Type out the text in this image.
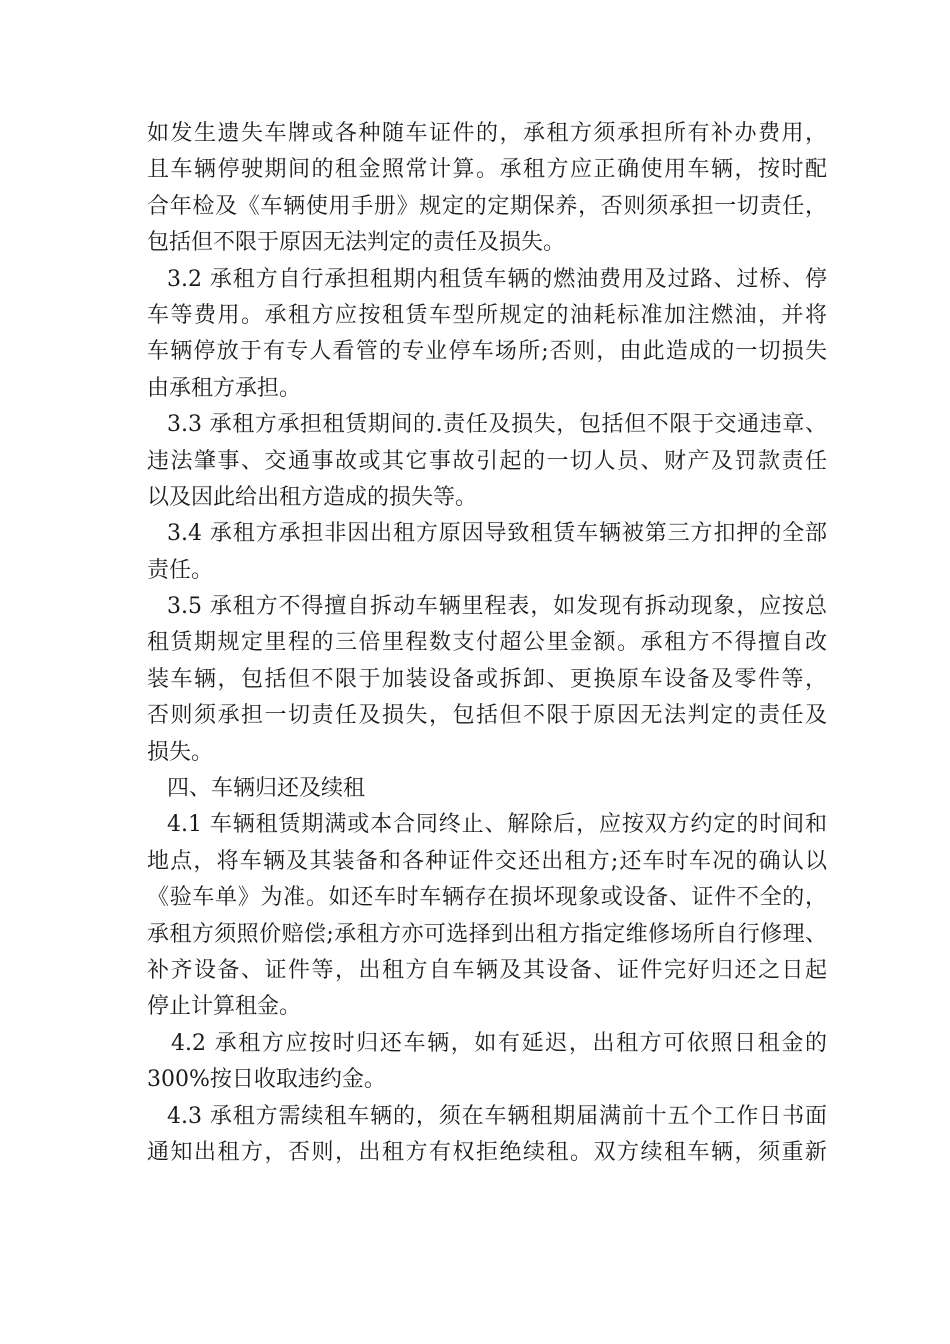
如发生遗失车牌或各种随车证件的，承租方须承担所有补办费用，
且车辆停驶期间的租金照常计算。承租方应正确使用车辆，按时配
合年检及《车辆使用手册》规定的定期保养，否则须承担一切责任，
包括但不限于原因无法判定的责任及损失。
3.2 承租方自行承担租期内租赁车辆的燃油费用及过路、过桥、停
车等费用。承租方应按租赁车型所规定的油耗标准加注燃油，并将
车辆停放于有专人看管的专业停车场所;否则，由此造成的一切损失
由承租方承担。
3.3 承租方承担租赁期间的.责任及损失，包括但不限于交通违章、
违法肇事、交通事故或其它事故引起的一切人员、财产及罚款责任
以及因此给出租方造成的损失等。
3.4 承租方承担非因出租方原因导致租赁车辆被第三方扣押的全部
责任。
3.5 承租方不得擅自拆动车辆里程表，如发现有拆动现象，应按总
租赁期规定里程的三倍里程数支付超公里金额。承租方不得擅自改
装车辆，包括但不限于加装设备或拆卸、更换原车设备及零件等，
否则须承担一切责任及损失，包括但不限于原因无法判定的责任及
损失。
四、车辆归还及续租
4.1 车辆租赁期满或本合同终止、解除后，应按双方约定的时间和
地点，将车辆及其装备和各种证件交还出租方;还车时车况的确认以
《验车单》为准。如还车时车辆存在损坏现象或设备、证件不全的，
承租方须照价赔偿;承租方亦可选择到出租方指定维修场所自行修理、
补齐设备、证件等，出租方自车辆及其设备、证件完好归还之日起
停止计算租金。
4.2 承租方应按时归还车辆，如有延迟，出租方可依照日租金的
300%按日收取违约金。
4.3 承租方需续租车辆的，须在车辆租期届满前十五个工作日书面
通知出租方，否则，出租方有权拒绝续租。双方续租车辆，须重新
